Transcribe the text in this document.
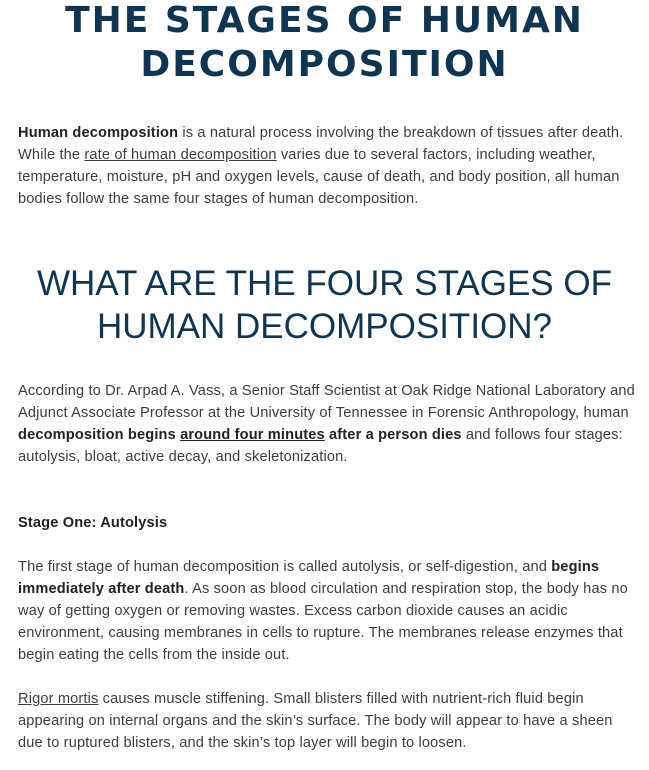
THE STAGES OF HUMAN
DECOMPOSITION

Human decomposition is a natural process involving the breakdown of tissues after death. While the rate of human decomposition varies due to several factors, including weather, temperature, moisture, pH and oxygen levels, cause of death, and body position, all human bodies follow the same four stages of human decomposition.

WHAT ARE THE FOUR STAGES OF
HUMAN DECOMPOSITION?

According to Dr. Arpad A. Vass, a Senior Staff Scientist at Oak Ridge National Laboratory and Adjunct Associate Professor at the University of Tennessee in Forensic Anthropology, human decomposition begins around four minutes after a person dies and follows four stages: autolysis, bloat, active decay, and skeletonization.

Stage One: Autolysis

The first stage of human decomposition is called autolysis, or self-digestion, and begins immediately after death. As soon as blood circulation and respiration stop, the body has no way of getting oxygen or removing wastes. Excess carbon dioxide causes an acidic environment, causing membranes in cells to rupture. The membranes release enzymes that begin eating the cells from the inside out.

Rigor mortis causes muscle stiffening. Small blisters filled with nutrient-rich fluid begin appearing on internal organs and the skin’s surface. The body will appear to have a sheen due to ruptured blisters, and the skin’s top layer will begin to loosen.
